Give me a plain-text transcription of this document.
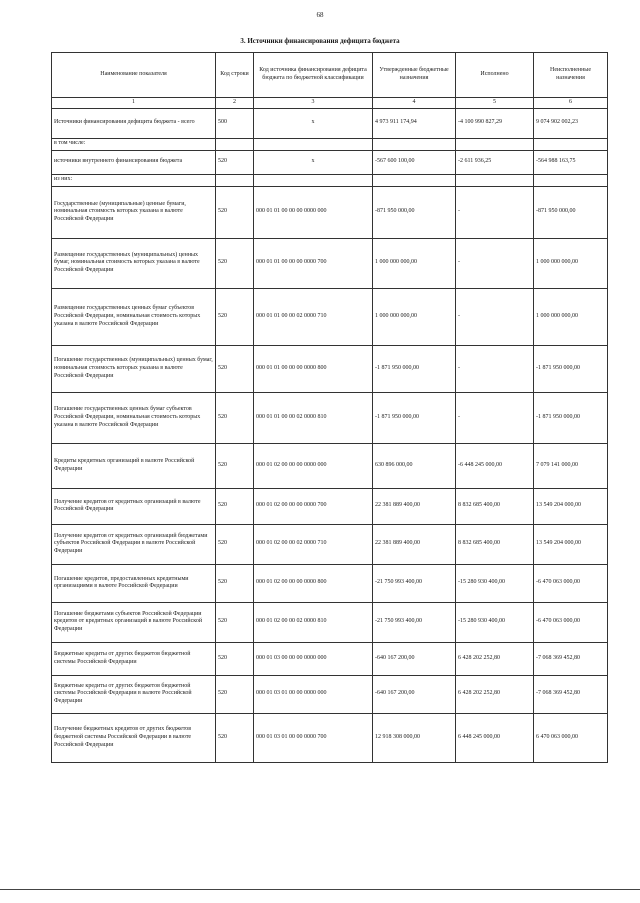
68
3. Источники финансирования дефицита бюджета
Наименование показателя	Код строки	Код источника финансирования дефицита бюджета по бюджетной классификации	Утвержденные бюджетные назначения	Исполнено	Неисполненные назначения
1	2	3	4	5	6
Источники финансирования дефицита бюджета - всего	500	x	4 973 911 174,94	-4 100 990 827,29	9 074 902 002,23
в том числе:					
источники внутреннего финансирования бюджета	520	x	-567 600 100,00	-2 611 936,25	-564 988 163,75
из них:					
Государственные (муниципальные) ценные бумаги, номинальная стоимость которых указана в валюте Российской Федерации	520	000 01 01 00 00 00 0000 000	-871 950 000,00	-	-871 950 000,00
Размещение государственных (муниципальных) ценных бумаг, номинальная стоимость которых указана в валюте Российской Федерации	520	000 01 01 00 00 00 0000 700	1 000 000 000,00	-	1 000 000 000,00
Размещение государственных ценных бумаг субъектов Российской Федерации, номинальная стоимость которых указана в валюте Российской Федерации	520	000 01 01 00 00 02 0000 710	1 000 000 000,00	-	1 000 000 000,00
Погашение государственных (муниципальных) ценных бумаг, номинальная стоимость которых указана в валюте Российской Федерации	520	000 01 01 00 00 00 0000 800	-1 871 950 000,00	-	-1 871 950 000,00
Погашение государственных ценных бумаг субъектов Российской Федерации, номинальная стоимость которых указана в валюте Российской Федерации	520	000 01 01 00 00 02 0000 810	-1 871 950 000,00	-	-1 871 950 000,00
Кредиты кредитных организаций в валюте Российской Федерации	520	000 01 02 00 00 00 0000 000	630 896 000,00	-6 448 245 000,00	7 079 141 000,00
Получение кредитов от кредитных организаций в валюте Российской Федерации	520	000 01 02 00 00 00 0000 700	22 381 889 400,00	8 832 685 400,00	13 549 204 000,00
Получение кредитов от кредитных организаций бюджетами субъектов Российской Федерации в валюте Российской Федерации	520	000 01 02 00 00 02 0000 710	22 381 889 400,00	8 832 685 400,00	13 549 204 000,00
Погашение кредитов, предоставленных кредитными организациями в валюте Российской Федерации	520	000 01 02 00 00 00 0000 800	-21 750 993 400,00	-15 280 930 400,00	-6 470 063 000,00
Погашение бюджетами субъектов Российской Федерации кредитов от кредитных организаций в валюте Российской Федерации	520	000 01 02 00 00 02 0000 810	-21 750 993 400,00	-15 280 930 400,00	-6 470 063 000,00
Бюджетные кредиты от других бюджетов бюджетной системы Российской Федерации	520	000 01 03 00 00 00 0000 000	-640 167 200,00	6 428 202 252,80	-7 068 369 452,80
Бюджетные кредиты от других бюджетов бюджетной системы Российской Федерации в валюте Российской Федерации	520	000 01 03 01 00 00 0000 000	-640 167 200,00	6 428 202 252,80	-7 068 369 452,80
Получение бюджетных кредитов от других бюджетов бюджетной системы Российской Федерации в валюте Российской Федерации	520	000 01 03 01 00 00 0000 700	12 918 308 000,00	6 448 245 000,00	6 470 063 000,00
